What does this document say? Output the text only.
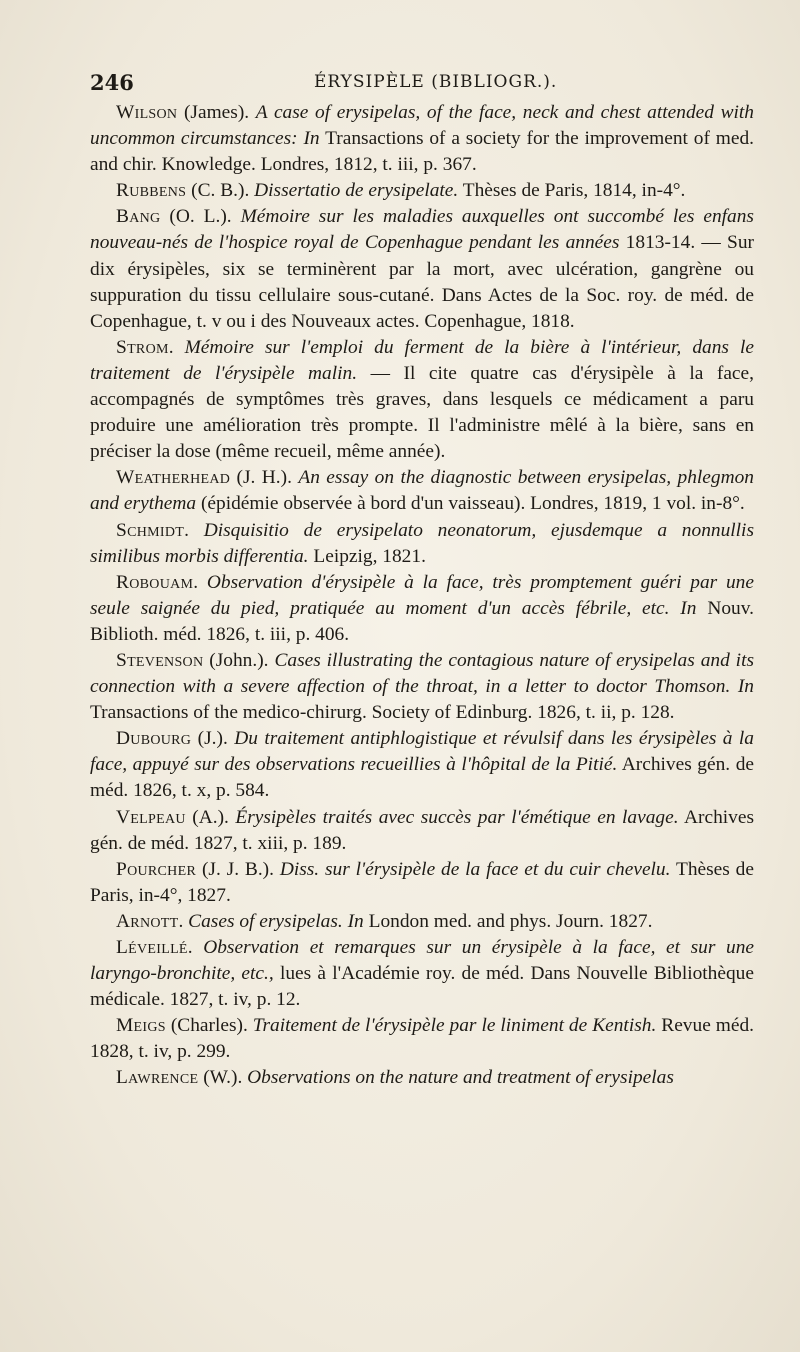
246	ÉRYSIPÈLE (BIBLIOGR.).

Wilson (James). A case of erysipelas, of the face, neck and chest attended with uncommon circumstances: In Transactions of a society for the improvement of med. and chir. Knowledge. Londres, 1812, t. iii, p. 367.

Rubbens (C. B.). Dissertatio de erysipelate. Thèses de Paris, 1814, in-4°.

Bang (O. L.). Mémoire sur les maladies auxquelles ont succombé les enfans nouveau-nés de l'hospice royal de Copenhague pendant les années 1813-14. — Sur dix érysipèles, six se terminèrent par la mort, avec ulcération, gangrène ou suppuration du tissu cellulaire sous-cutané. Dans Actes de la Soc. roy. de méd. de Copenhague, t. v ou i des Nouveaux actes. Copenhague, 1818.

Strom. Mémoire sur l'emploi du ferment de la bière à l'intérieur, dans le traitement de l'érysipèle malin. — Il cite quatre cas d'érysipèle à la face, accompagnés de symptômes très graves, dans lesquels ce médicament a paru produire une amélioration très prompte. Il l'administre mêlé à la bière, sans en préciser la dose (même recueil, même année).

Weatherhead (J. H.). An essay on the diagnostic between erysipelas, phlegmon and erythema (épidémie observée à bord d'un vaisseau). Londres, 1819, 1 vol. in-8°.

Schmidt. Disquisitio de erysipelato neonatorum, ejusdemque a nonnullis similibus morbis differentia. Leipzig, 1821.

Robouam. Observation d'érysipèle à la face, très promptement guéri par une seule saignée du pied, pratiquée au moment d'un accès fébrile, etc. In Nouv. Biblioth. méd. 1826, t. iii, p. 406.

Stevenson (John.). Cases illustrating the contagious nature of erysipelas and its connection with a severe affection of the throat, in a letter to doctor Thomson. In Transactions of the medico-chirurg. Society of Edinburg. 1826, t. ii, p. 128.

Dubourg (J.). Du traitement antiphlogistique et révulsif dans les érysipèles à la face, appuyé sur des observations recueillies à l'hôpital de la Pitié. Archives gén. de méd. 1826, t. x, p. 584.

Velpeau (A.). Érysipèles traités avec succès par l'émétique en lavage. Archives gén. de méd. 1827, t. xiii, p. 189.

Pourcher (J. J. B.). Diss. sur l'érysipèle de la face et du cuir chevelu. Thèses de Paris, in-4°, 1827.

Arnott. Cases of erysipelas. In London med. and phys. Journ. 1827.

Léveillé. Observation et remarques sur un érysipèle à la face, et sur une laryngo-bronchite, etc., lues à l'Académie roy. de méd. Dans Nouvelle Bibliothèque médicale. 1827, t. iv, p. 12.

Meigs (Charles). Traitement de l'érysipèle par le liniment de Kentish. Revue méd. 1828, t. iv, p. 299.

Lawrence (W.). Observations on the nature and treatment of erysipelas
